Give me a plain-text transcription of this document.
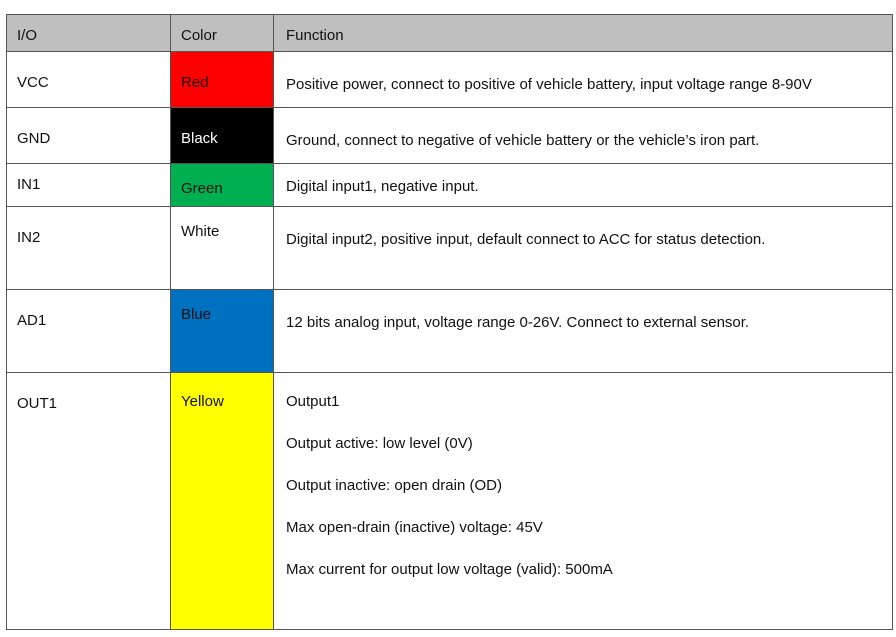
I/O	Color	Function

VCC	Red	Positive power, connect to positive of vehicle battery, input voltage range 8-90V
GND	Black	Ground, connect to negative of vehicle battery or the vehicle’s iron part.
IN1	Green	Digital input1, negative input.
IN2	White	Digital input2, positive input, default connect to ACC for status detection.
AD1	Blue	12 bits analog input, voltage range 0-26V. Connect to external sensor.
OUT1	Yellow	Output1
Output active: low level (0V)
Output inactive: open drain (OD)
Max open-drain (inactive) voltage: 45V
Max current for output low voltage (valid): 500mA
